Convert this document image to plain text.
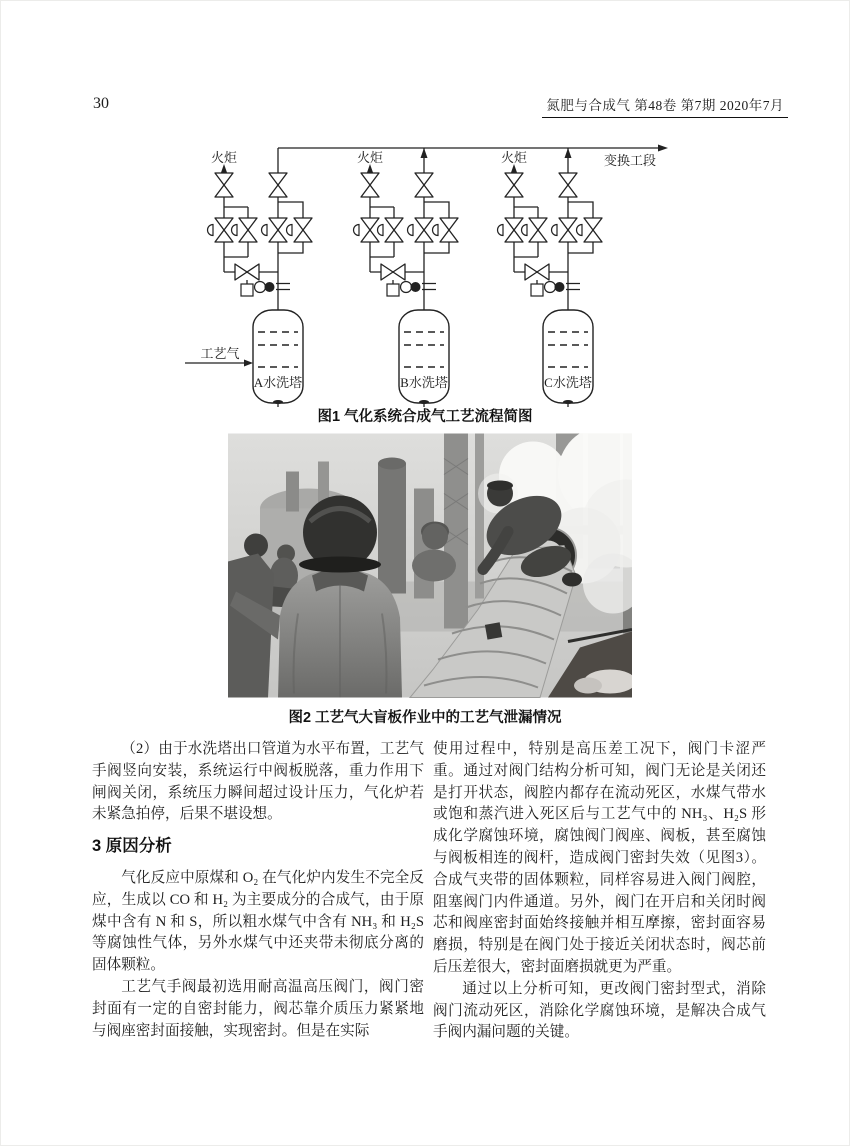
30	氮肥与合成气 第48卷 第7期 2020年7月
变换工段
火炬	火炬	火炬
工艺气
A水洗塔	B水洗塔	C水洗塔
图1 气化系统合成气工艺流程简图
图2 工艺气大盲板作业中的工艺气泄漏情况

（2）由于水洗塔出口管道为水平布置，工艺气手阀竖向安装，系统运行中阀板脱落，重力作用下闸阀关闭，系统压力瞬间超过设计压力，气化炉若未紧急拍停，后果不堪设想。

3 原因分析

气化反应中原煤和 O₂ 在气化炉内发生不完全反应，生成以 CO 和 H₂ 为主要成分的合成气，由于原煤中含有 N 和 S，所以粗水煤气中含有 NH₃ 和 H₂S 等腐蚀性气体，另外水煤气中还夹带未彻底分离的固体颗粒。

工艺气手阀最初选用耐高温高压阀门，阀门密封面有一定的自密封能力，阀芯靠介质压力紧紧地与阀座密封面接触，实现密封。但是在实际

使用过程中，特别是高压差工况下，阀门卡涩严重。通过对阀门结构分析可知，阀门无论是关闭还是打开状态，阀腔内都存在流动死区，水煤气带水或饱和蒸汽进入死区后与工艺气中的 NH₃、H₂S 形成化学腐蚀环境，腐蚀阀门阀座、阀板，甚至腐蚀与阀板相连的阀杆，造成阀门密封失效（见图3）。合成气夹带的固体颗粒，同样容易进入阀门阀腔，阻塞阀门内件通道。另外，阀门在开启和关闭时阀芯和阀座密封面始终接触并相互摩擦，密封面容易磨损，特别是在阀门处于接近关闭状态时，阀芯前后压差很大，密封面磨损就更为严重。

通过以上分析可知，更改阀门密封型式，消除阀门流动死区，消除化学腐蚀环境，是解决合成气手阀内漏问题的关键。
